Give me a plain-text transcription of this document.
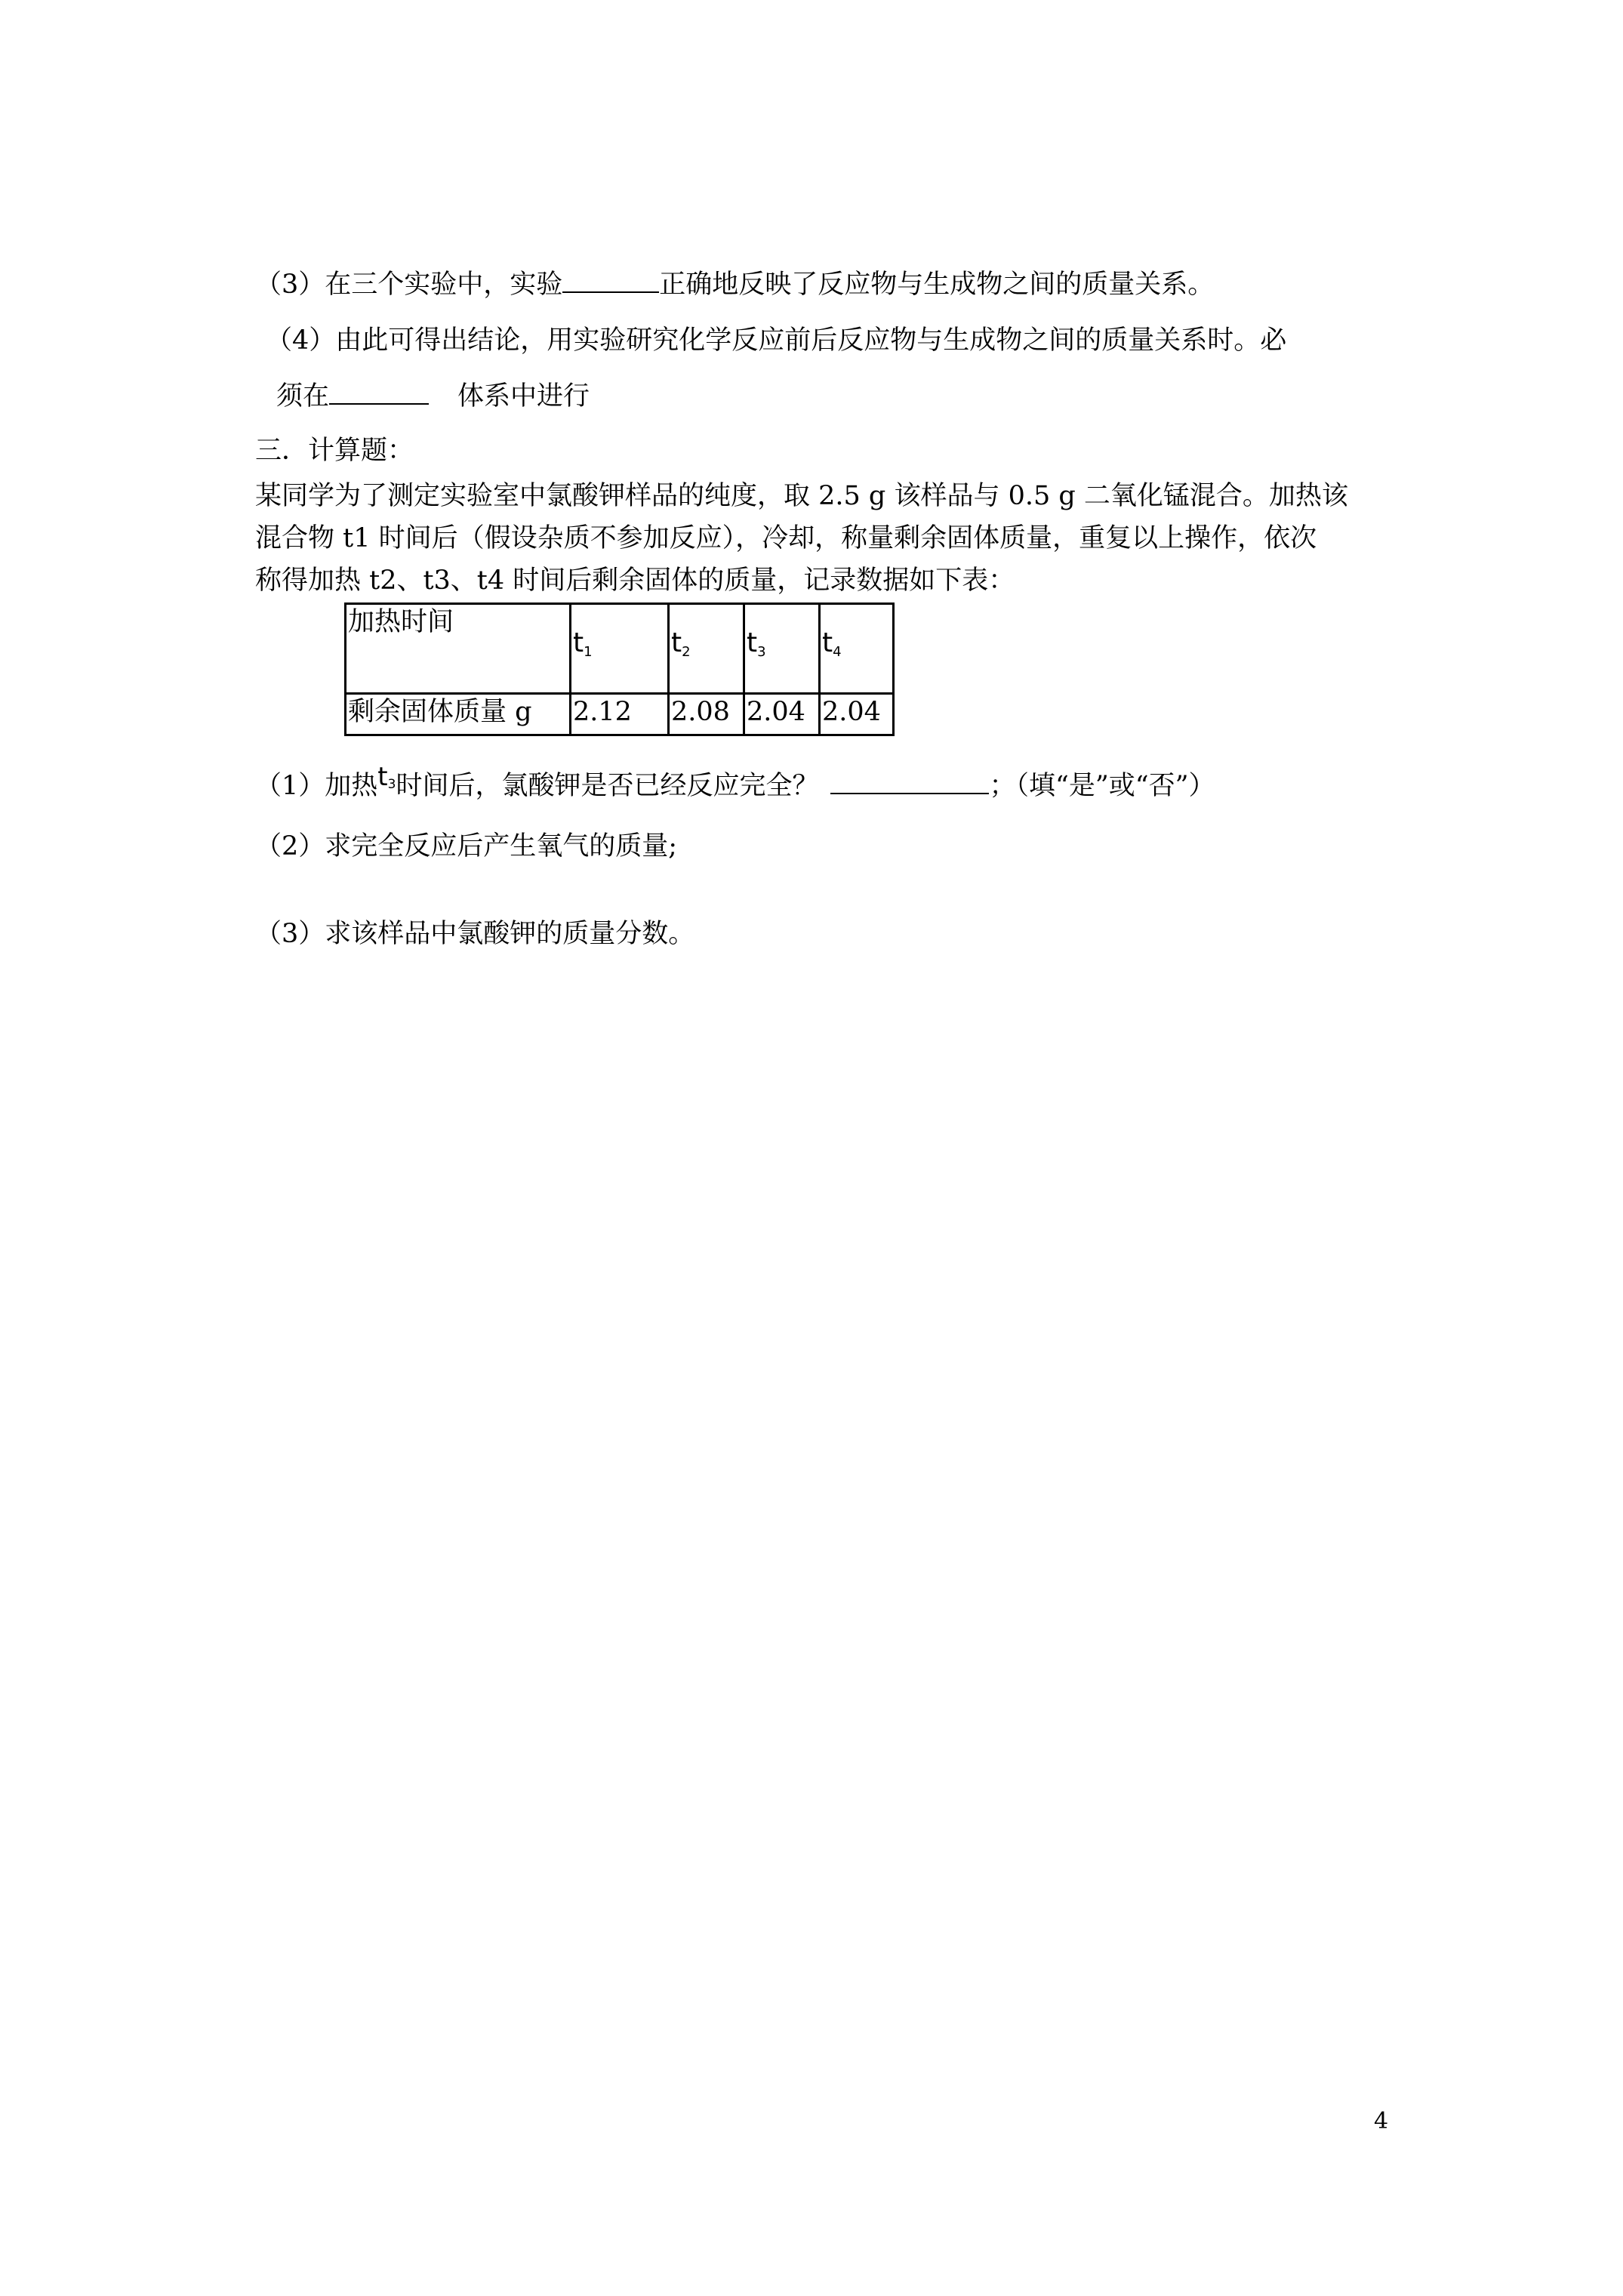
（3）在三个实验中，实验	正确地反映了反应物与生成物之间的质量关系。
（4）由此可得出结论，用实验研究化学反应前后反应物与生成物之间的质量关系时。必
须在	体系中进行
三．计算题：
某同学为了测定实验室中氯酸钾样品的纯度，取 2.5 g 该样品与 0.5 g 二氧化锰混合。加热该
混合物 t1 时间后（假设杂质不参加反应），冷却，称量剩余固体质量，重复以上操作，依次
称得加热 t2、t3、t4 时间后剩余固体的质量，记录数据如下表：
加热时间	$t_1$	$t_2$	$t_3$	$t_4$
剩余固体质量 g	2.12	2.08	2.04	2.04
（1）加热$t_3$时间后，氯酸钾是否已经反应完全？	；（填“是”或“否”）
（2）求完全反应后产生氧气的质量;
（3）求该样品中氯酸钾的质量分数。
4
